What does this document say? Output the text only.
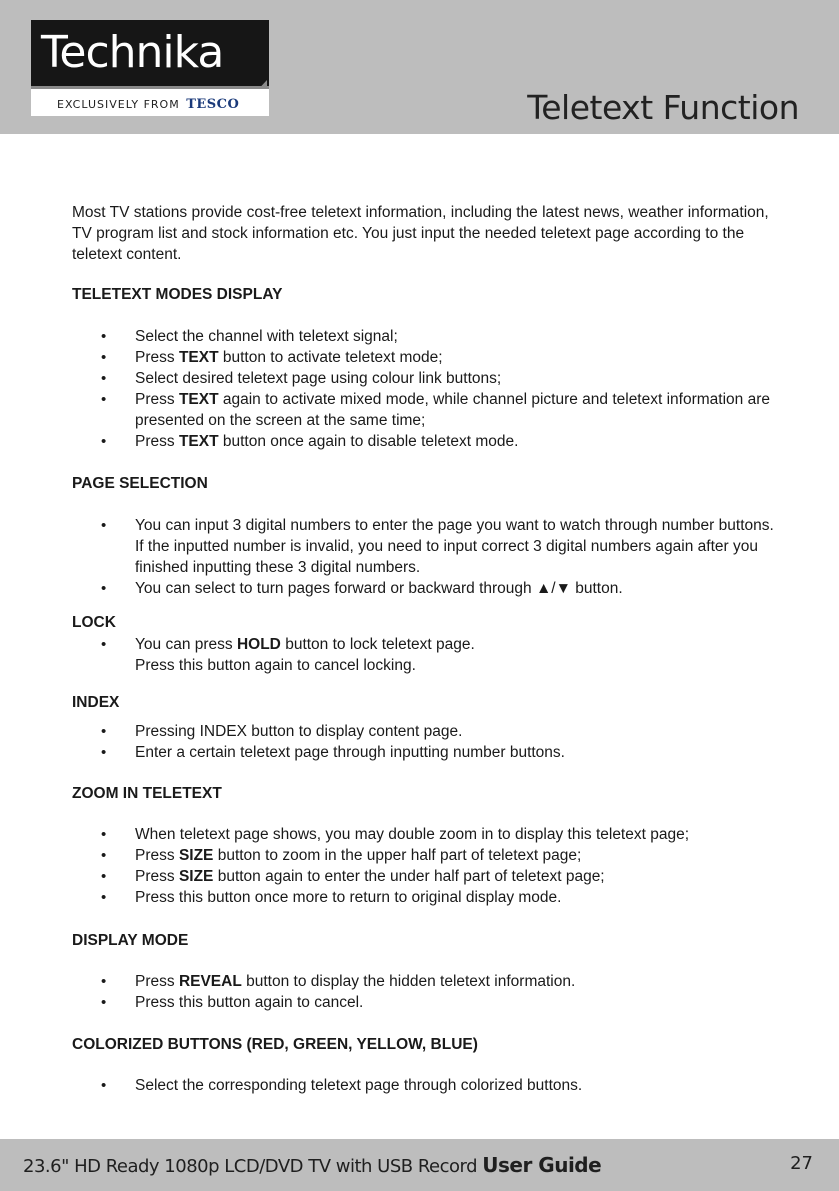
Technika
EXCLUSIVELY FROM TESCO	Teletext Function

Most TV stations provide cost-free teletext information, including the latest news, weather information, TV program list and stock information etc. You just input the needed teletext page according to the teletext content.

TELETEXT MODES DISPLAY
• Select the channel with teletext signal;
• Press TEXT button to activate teletext mode;
• Select desired teletext page using colour link buttons;
• Press TEXT again to activate mixed mode, while channel picture and teletext information are presented on the screen at the same time;
• Press TEXT button once again to disable teletext mode.
PAGE SELECTION
• You can input 3 digital numbers to enter the page you want to watch through number buttons. If the inputted number is invalid, you need to input correct 3 digital numbers again after you finished inputting these 3 digital numbers.
• You can select to turn pages forward or backward through ▲/▼ button.
LOCK
• You can press HOLD button to lock teletext page.
Press this button again to cancel locking.
INDEX
• Pressing INDEX button to display content page.
• Enter a certain teletext page through inputting number buttons.
ZOOM IN TELETEXT
• When teletext page shows, you may double zoom in to display this teletext page;
• Press SIZE button to zoom in the upper half part of teletext page;
• Press SIZE button again to enter the under half part of teletext page;
• Press this button once more to return to original display mode.
DISPLAY MODE
• Press REVEAL button to display the hidden teletext information.
• Press this button again to cancel.
COLORIZED BUTTONS (RED, GREEN, YELLOW, BLUE)
• Select the corresponding teletext page through colorized buttons.
23.6" HD Ready 1080p LCD/DVD TV with USB Record User Guide	27
